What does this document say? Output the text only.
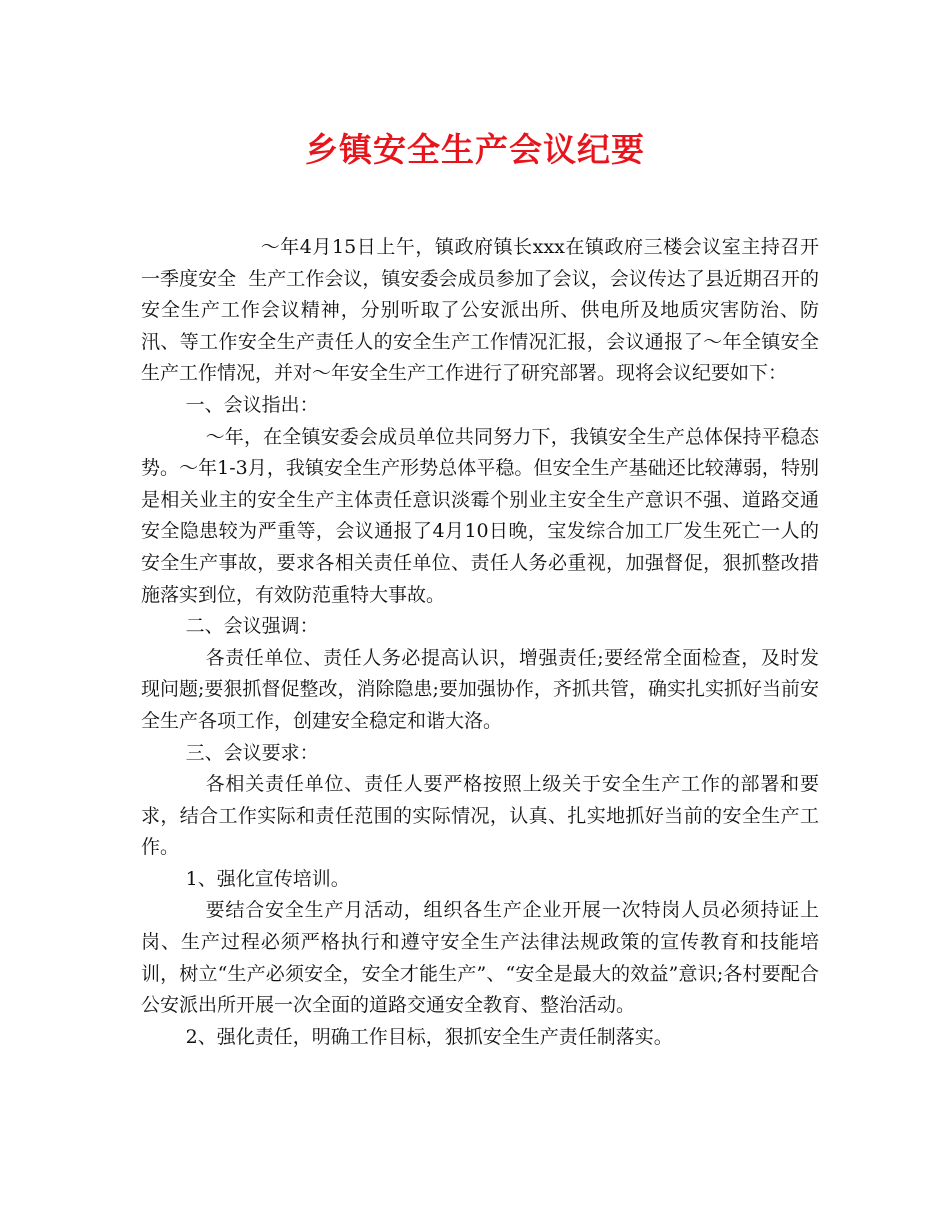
乡镇安全生产会议纪要

～年4月15日上午，镇政府镇长xxx在镇政府三楼会议室主持召开一季度安全  生产工作会议，镇安委会成员参加了会议，会议传达了县近期召开的安全生产工作会议精神，分别听取了公安派出所、供电所及地质灾害防治、防汛、等工作安全生产责任人的安全生产工作情况汇报，会议通报了～年全镇安全生产工作情况，并对～年安全生产工作进行了研究部署。现将会议纪要如下：

一、会议指出：

～年，在全镇安委会成员单位共同努力下，我镇安全生产总体保持平稳态势。～年1-3月，我镇安全生产形势总体平稳。但安全生产基础还比较薄弱，特别是相关业主的安全生产主体责任意识淡霉个别业主安全生产意识不强、道路交通安全隐患较为严重等，会议通报了4月10日晚，宝发综合加工厂发生死亡一人的安全生产事故，要求各相关责任单位、责任人务必重视，加强督促，狠抓整改措施落实到位，有效防范重特大事故。

二、会议强调：

各责任单位、责任人务必提高认识，增强责任;要经常全面检查，及时发现问题;要狠抓督促整改，消除隐患;要加强协作，齐抓共管，确实扎实抓好当前安全生产各项工作，创建安全稳定和谐大洛。

三、会议要求：

各相关责任单位、责任人要严格按照上级关于安全生产工作的部署和要求，结合工作实际和责任范围的实际情况，认真、扎实地抓好当前的安全生产工作。

1、强化宣传培训。

要结合安全生产月活动，组织各生产企业开展一次特岗人员必须持证上岗、生产过程必须严格执行和遵守安全生产法律法规政策的宣传教育和技能培训，树立“生产必须安全，安全才能生产”、“安全是最大的效益”意识;各村要配合公安派出所开展一次全面的道路交通安全教育、整治活动。

2、强化责任，明确工作目标，狠抓安全生产责任制落实。
